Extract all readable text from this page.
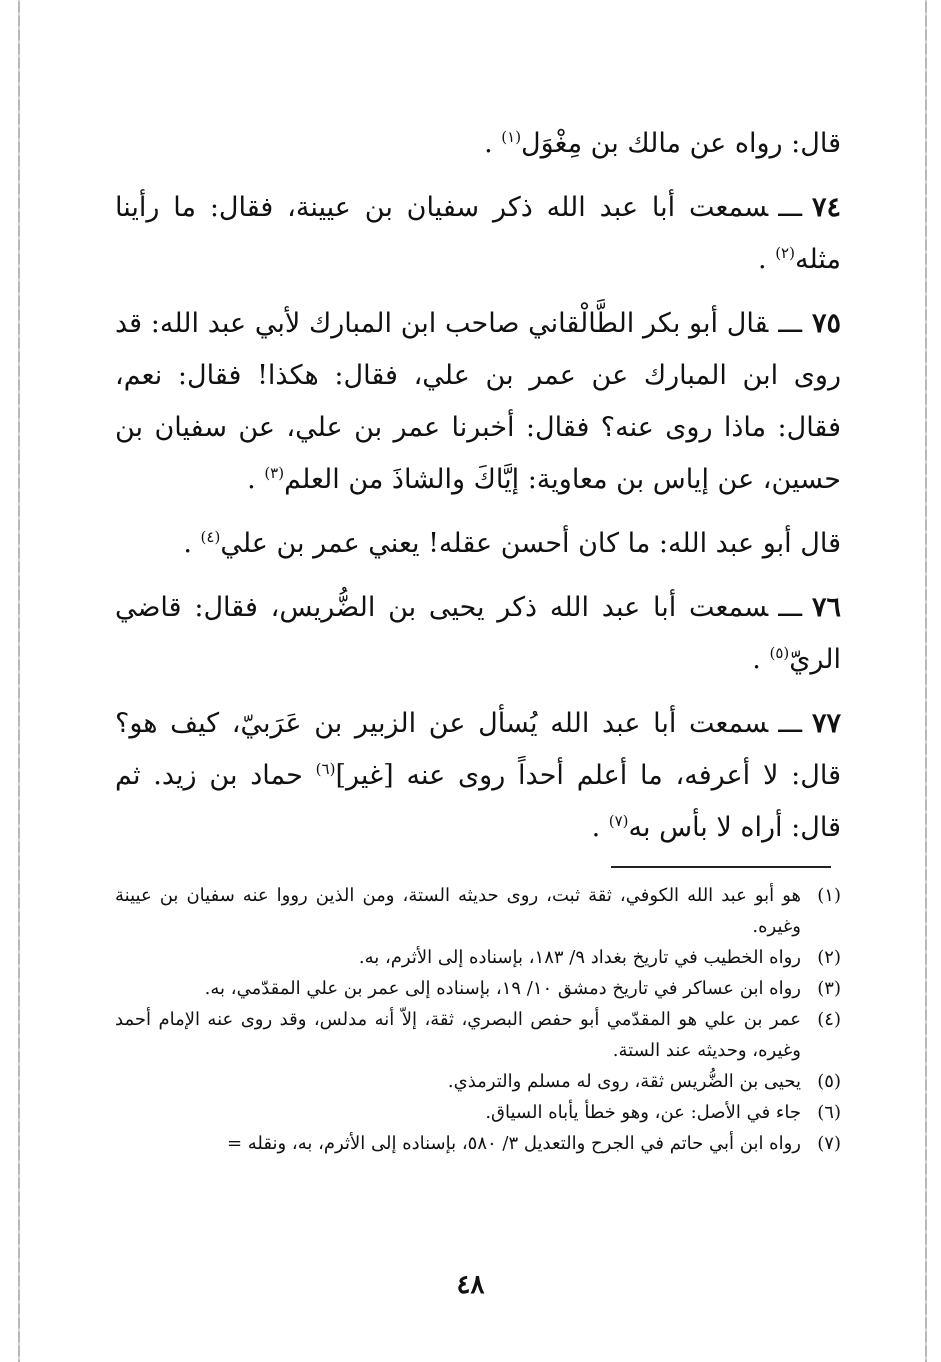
قال: رواه عن مالك بن مِغْوَل$^{(١)}$ .

٧٤ـــسمعت أبا عبد الله ذكر سفيان بن عيينة، فقال: ما رأينا مثله$^{(٢)}$ .

٧٥ـــقال أبو بكر الطَّالْقاني صاحب ابن المبارك لأبي عبد الله: قد روى ابن المبارك عن عمر بن علي، فقال: هكذا! فقال: نعم، فقال: ماذا روى عنه؟ فقال: أخبرنا عمر بن علي، عن سفيان بن حسين، عن إياس بن معاوية: إيَّاكَ والشاذَ من العلم$^{(٣)}$ .

قال أبو عبد الله: ما كان أحسن عقله! يعني عمر بن علي$^{(٤)}$ .

٧٦ـــسمعت أبا عبد الله ذكر يحيى بن الضُّريس، فقال: قاضي الريّ$^{(٥)}$ .

٧٧ـــسمعت أبا عبد الله يُسأل عن الزبير بن عَرَبيّ، كيف هو؟ قال: لا أعرفه، ما أعلم أحداً روى عنه [غير]$^{(٦)}$ حماد بن زيد. ثم قال: أراه لا بأس به$^{(٧)}$ .

(١)
هو أبو عبد الله الكوفي، ثقة ثبت، روى حديثه الستة، ومن الذين رووا عنه سفيان بن عيينة وغيره.

(٢)
رواه الخطيب في تاريخ بغداد ٩/ ١٨٣، بإسناده إلى الأثرم، به.

(٣)
رواه ابن عساكر في تاريخ دمشق ١٠/ ١٩، بإسناده إلى عمر بن علي المقدّمي، به.

(٤)
عمر بن علي هو المقدّمي أبو حفص البصري، ثقة، إلاّ أنه مدلس، وقد روى عنه الإمام أحمد وغيره، وحديثه عند الستة.

(٥)
يحيى بن الضُّريس ثقة، روى له مسلم والترمذي.

(٦)
جاء في الأصل: عن، وهو خطأ يأباه السياق.

(٧)
رواه ابن أبي حاتم في الجرح والتعديل ٣/ ٥٨٠، بإسناده إلى الأثرم، به، ونقله =

٤٨
